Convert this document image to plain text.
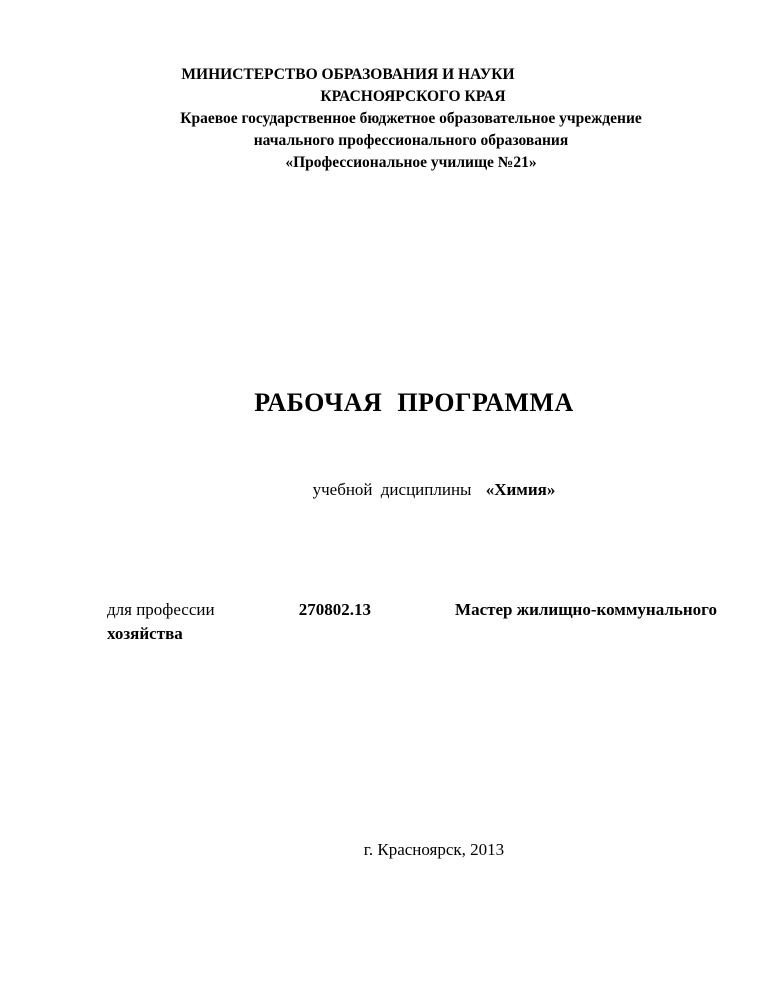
МИНИСТЕРСТВО ОБРАЗОВАНИЯ И НАУКИ
КРАСНОЯРСКОГО КРАЯ
Краевое государственное бюджетное образовательное учреждение
начального профессионального образования
«Профессиональное училище №21»
РАБОЧАЯ ПРОГРАММА
учебной дисциплины «Химия»
для профессии	270802.13	Мастер жилищно-коммунального
хозяйства
г. Красноярск, 2013
